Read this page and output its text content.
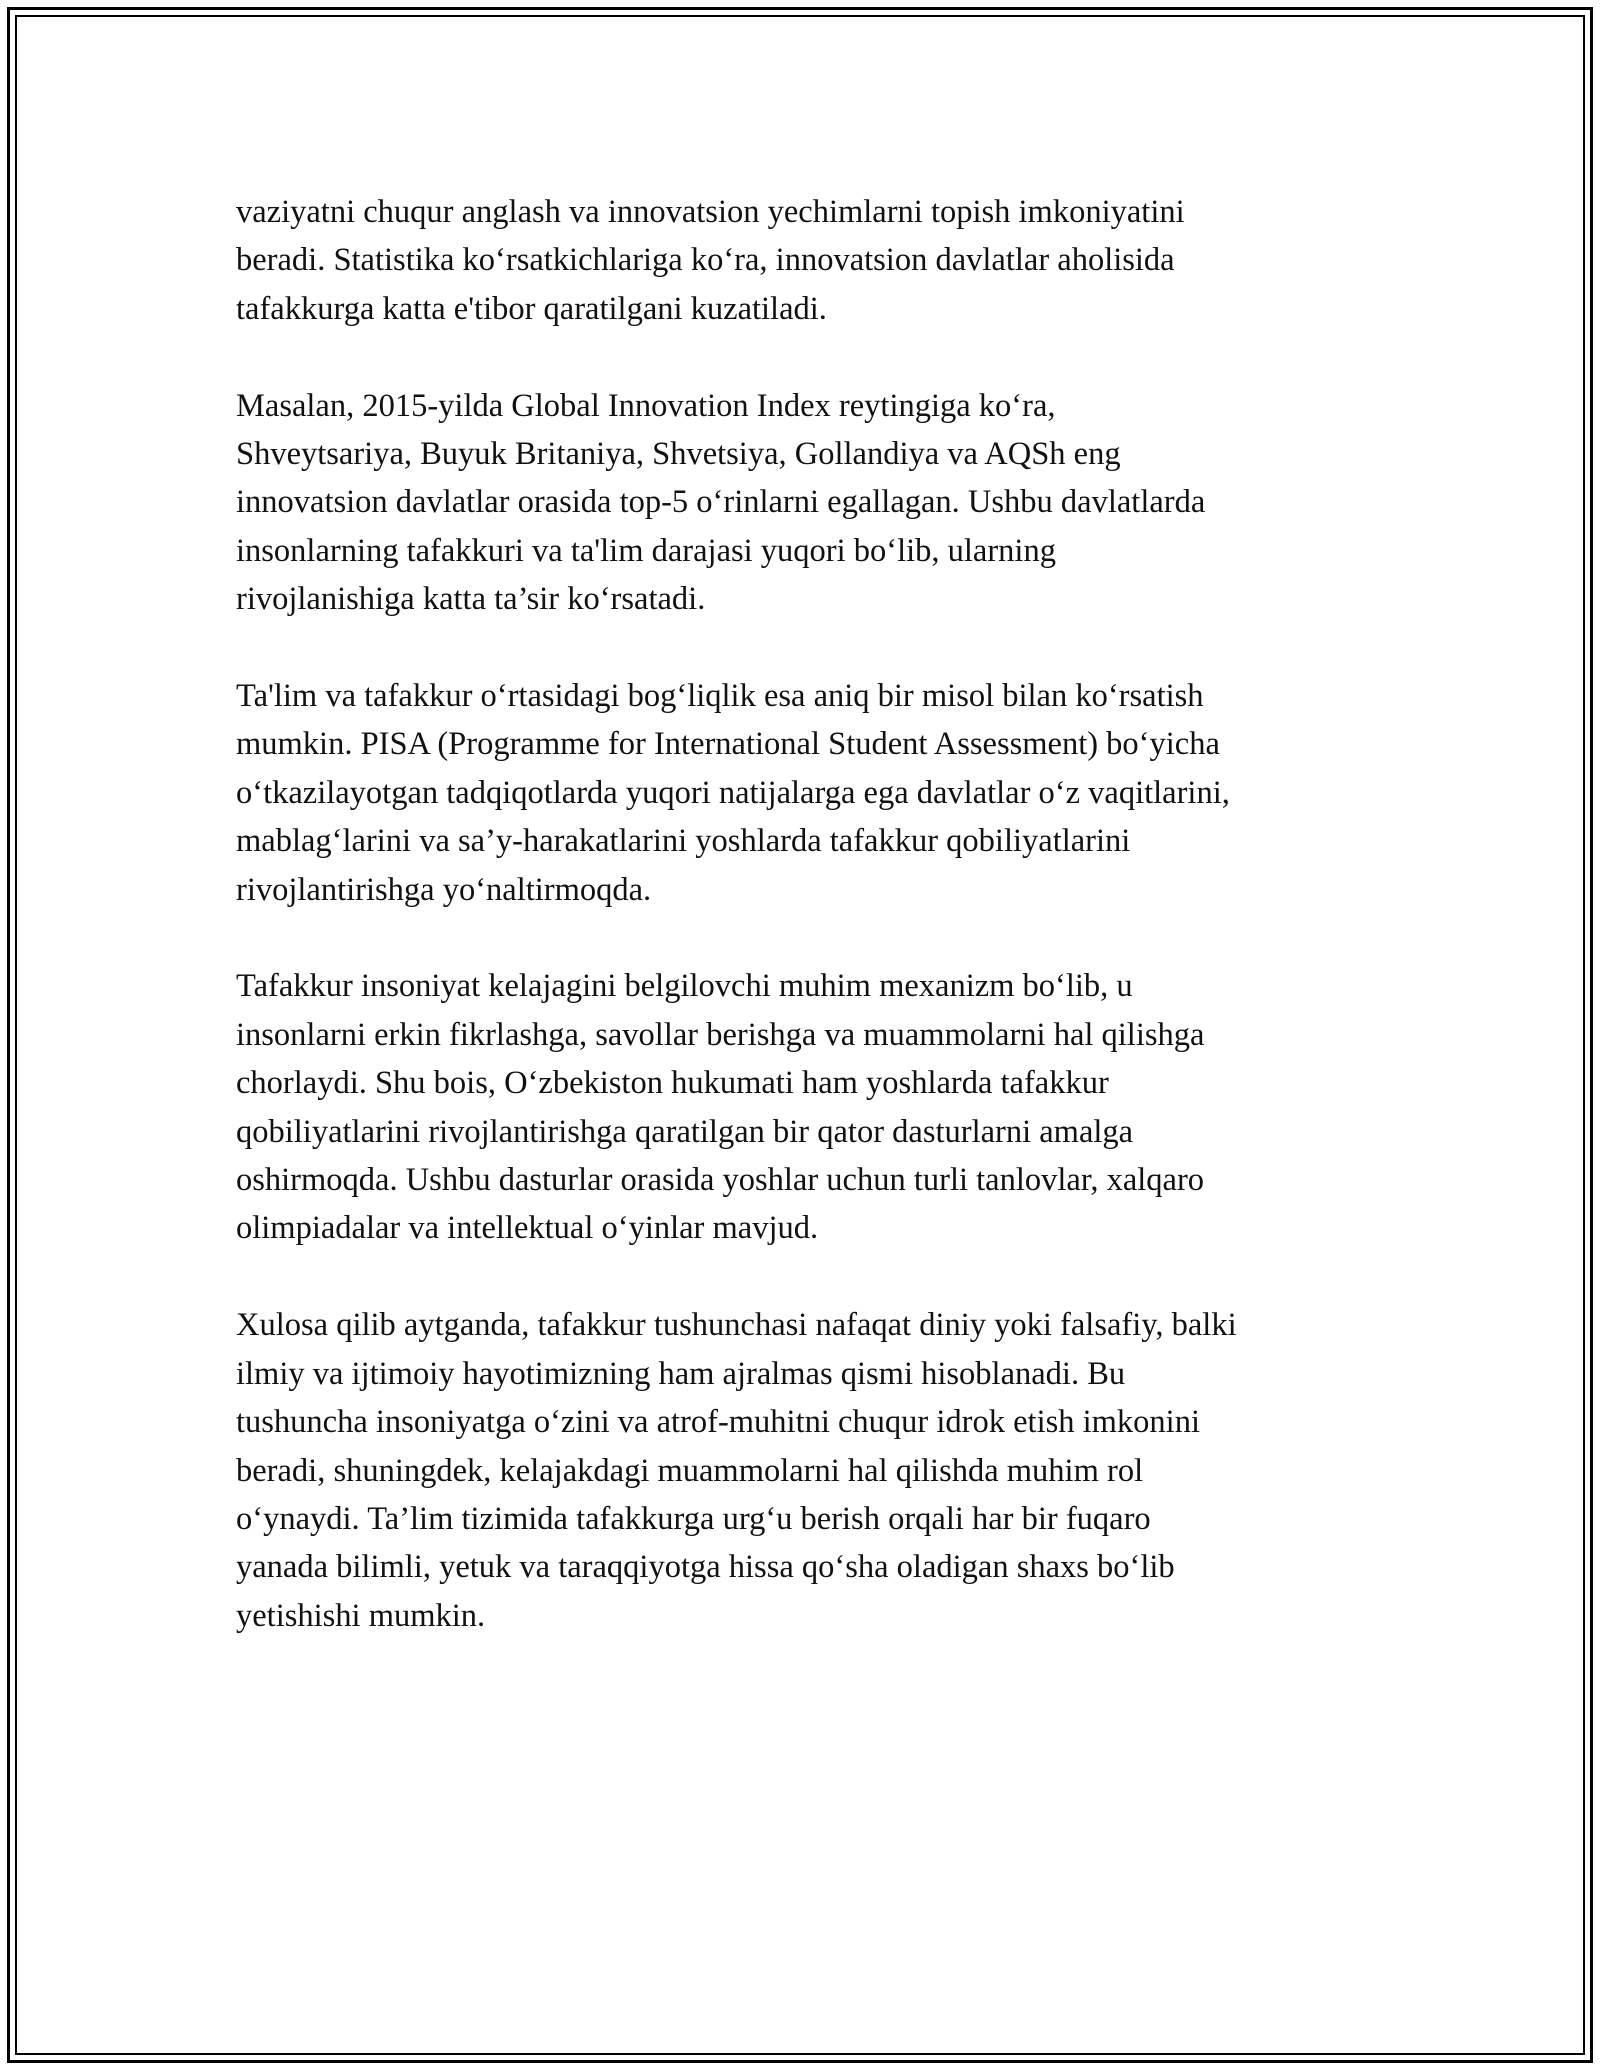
vaziyatni chuqur anglash va innovatsion yechimlarni topish imkoniyatini
beradi. Statistika ko‘rsatkichlariga ko‘ra, innovatsion davlatlar aholisida
tafakkurga katta e'tibor qaratilgani kuzatiladi.

Masalan, 2015-yilda Global Innovation Index reytingiga ko‘ra,
Shveytsariya, Buyuk Britaniya, Shvetsiya, Gollandiya va AQSh eng
innovatsion davlatlar orasida top-5 o‘rinlarni egallagan. Ushbu davlatlarda
insonlarning tafakkuri va ta'lim darajasi yuqori bo‘lib, ularning
rivojlanishiga katta ta’sir ko‘rsatadi.

Ta'lim va tafakkur o‘rtasidagi bog‘liqlik esa aniq bir misol bilan ko‘rsatish
mumkin. PISA (Programme for International Student Assessment) bo‘yicha
o‘tkazilayotgan tadqiqotlarda yuqori natijalarga ega davlatlar o‘z vaqitlarini,
mablag‘larini va sa’y-harakatlarini yoshlarda tafakkur qobiliyatlarini
rivojlantirishga yo‘naltirmoqda.

Tafakkur insoniyat kelajagini belgilovchi muhim mexanizm bo‘lib, u
insonlarni erkin fikrlashga, savollar berishga va muammolarni hal qilishga
chorlaydi. Shu bois, O‘zbekiston hukumati ham yoshlarda tafakkur
qobiliyatlarini rivojlantirishga qaratilgan bir qator dasturlarni amalga
oshirmoqda. Ushbu dasturlar orasida yoshlar uchun turli tanlovlar, xalqaro
olimpiadalar va intellektual o‘yinlar mavjud.

Xulosa qilib aytganda, tafakkur tushunchasi nafaqat diniy yoki falsafiy, balki
ilmiy va ijtimoiy hayotimizning ham ajralmas qismi hisoblanadi. Bu
tushuncha insoniyatga o‘zini va atrof-muhitni chuqur idrok etish imkonini
beradi, shuningdek, kelajakdagi muammolarni hal qilishda muhim rol
o‘ynaydi. Ta’lim tizimida tafakkurga urg‘u berish orqali har bir fuqaro
yanada bilimli, yetuk va taraqqiyotga hissa qo‘sha oladigan shaxs bo‘lib
yetishishi mumkin.
